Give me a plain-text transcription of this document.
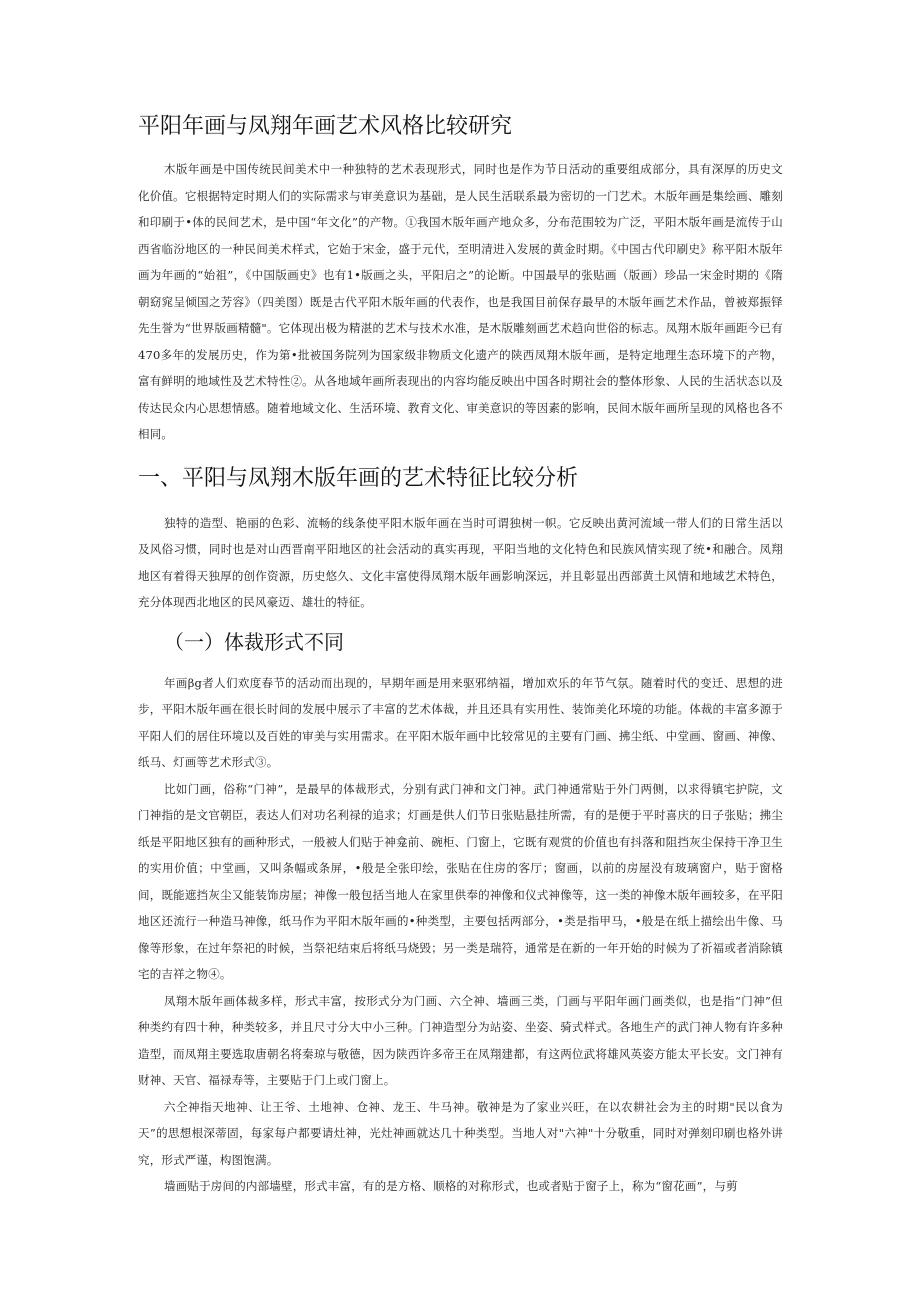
平阳年画与凤翔年画艺术风格比较研究

木版年画是中国传统民间美术中一种独特的艺术表现形式，同时也是作为节日活动的重要组成部分，具有深厚的历史文化价值。它根据特定时期人们的实际需求与审美意识为基础，是人民生活联系最为密切的一门艺术。木版年画是集绘画、雕刻和印刷于•体的民间艺术，是中国“年文化”的产物。①我国木版年画产地众多，分布范围较为广泛，平阳木版年画是流传于山西省临汾地区的一种民间美术样式，它始于宋金，盛于元代，至明清进入发展的黄金时期。《中国古代印刷史》称平阳木版年画为年画的“始祖”，《中国版画史》也有1•版画之头，平阳启之”的论断。中国最早的张贴画（版画）珍品一宋金时期的《隋朝窈窕呈倾国之芳容》（四美图）既是古代平阳木版年画的代表作，也是我国目前保存最早的木版年画艺术作品，曾被郑振铎先生誉为“世界版画精髓"。它体现出极为精湛的艺术与技术水准，是木版雕刻画艺术趋向世俗的标志。凤翔木版年画距今已有470多年的发展历史，作为第•批被国务院列为国家级非物质文化遗产的陕西凤翔木版年画，是特定地理生态环境下的产物，富有鲜明的地域性及艺术特性②。从各地域年画所表现出的内容均能反映出中国各时期社会的整体形象、人民的生活状态以及传达民众内心思想情感。随着地域文化、生活环境、教育文化、审美意识的等因素的影响，民间木版年画所呈现的风格也各不相同。

一、平阳与凤翔木版年画的艺术特征比较分析

独特的造型、艳丽的色彩、流畅的线条使平阳木版年画在当时可谓独树一帜。它反映出黄河流域一带人们的日常生活以及风俗习惯，同时也是对山西晋南平阳地区的社会活动的真实再现，平阳当地的文化特色和民族风情实现了统•和融合。凤翔地区有着得天独厚的创作资源，历史悠久、文化丰富使得凤翔木版年画影响深远，并且彰显出西部黄土风情和地域艺术特色，充分体现西北地区的民风豪迈、雄壮的特征。

（一）体裁形式不同

年画βg者人们欢度春节的活动而出现的，早期年画是用来驱邪纳福，增加欢乐的年节气氛。随着时代的变迁、思想的进步，平阳木版年画在很长时间的发展中展示了丰富的艺术体裁，并且还具有实用性、装饰美化环境的功能。体裁的丰富多源于平阳人们的居住环境以及百姓的审美与实用需求。在平阳木版年画中比较常见的主要有门画、拂尘纸、中堂画、窗画、神像、纸马、灯画等艺术形式③。

比如门画，俗称“门神”，是最早的体裁形式，分别有武门神和文门神。武门神通常贴于外门两侧，以求得镇宅护院，文门神指的是文官朝臣，表达人们对功名利禄的追求；灯画是供人们节日张贴悬挂所需，有的是便于平时喜庆的日子张贴；拂尘纸是平阳地区独有的画种形式，一般被人们贴于神龛前、碗柜、门窗上，它既有观赏的价值也有抖落和阻挡灰尘保持干净卫生的实用价值；中堂画，又叫条幅或条屏，•般是全张印绘，张贴在住房的客厅；窗画，以前的房屋没有玻璃窗户，贴于窗格间，既能遮挡灰尘又能装饰房屋；神像一般包括当地人在家里供奉的神像和仪式神像等，这一类的神像木版年画较多，在平阳地区还流行一种造马神像，纸马作为平阳木版年画的•种类型，主要包括两部分，•类是指甲马，•般是在纸上描绘出牛像、马像等形象，在过年祭祀的时候，当祭祀结束后将纸马烧毁；另一类是瑞符，通常是在新的一年开始的时候为了祈福或者消除镇宅的吉祥之物④。

凤翔木版年画体裁多样，形式丰富，按形式分为门画、六仝神、墙画三类，门画与平阳年画门画类似，也是指“门神”但种类约有四十种，种类较多，并且尺寸分大中小三种。门神造型分为站姿、坐姿、骑式样式。各地生产的武门神人物有许多种造型，而凤翔主要选取唐朝名将秦琼与敬德，因为陕西许多帝王在凤翔建都，有这两位武将雄风英姿方能太平长安。文门神有财神、天官、福禄寿等，主要贴于门上或门窗上。

六仝神指天地神、让王爷、土地神、仓神、龙王、牛马神。敬神是为了家业兴旺，在以农耕社会为主的时期"民以食为天”的思想根深蒂固，每家每户都要请灶神，光灶神画就达几十种类型。当地人对"六神"十分敬重，同时对弹刻印刷也格外讲究，形式严谨，构图饱满。

墙画贴于房间的内部墙壁，形式丰富，有的是方格、顺格的对称形式，也或者贴于窗子上，称为“窗花画”，与剪
